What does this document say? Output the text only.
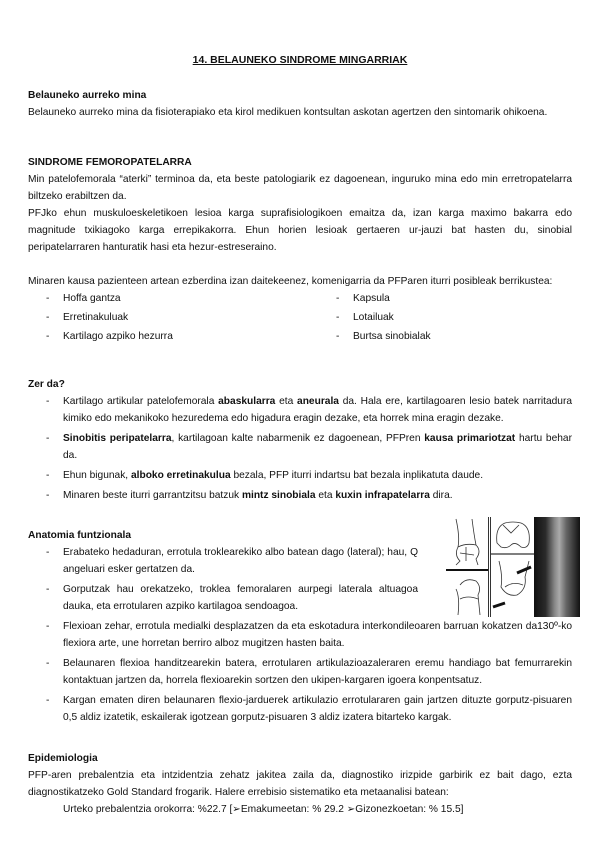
14. BELAUNEKO SINDROME MINGARRIAK
Belauneko aurreko mina

Belauneko aurreko mina da fisioterapiako eta kirol medikuen kontsultan askotan agertzen den sintomarik ohikoena.

SINDROME FEMOROPATELARRA

Min patelofemorala “aterki” terminoa da, eta beste patologiarik ez dagoenean, inguruko mina edo min erretropatelarra biltzeko erabiltzen da.

PFJko ehun muskuloeskeletikoen lesioa karga suprafisiologikoen emaitza da, izan karga maximo bakarra edo magnitude txikiagoko karga errepikakorra. Ehun horien lesioak gertaeren ur-jauzi bat hasten du, sinobial peripatelarraren hanturatik hasi eta hezur-estreseraino.

Minaren kausa pazienteen artean ezberdina izan daitekeenez, komenigarria da PFParen iturri posibleak berrikustea:

- Hoffa gantza
- Erretinakuluak
- Kartilago azpiko hezurra
- Kapsula
- Lotailuak
- Burtsa sinobialak
Zer da?
- Kartilago artikular patelofemorala abaskularra eta aneurala da. Hala ere, kartilagoaren lesio batek narritadura kimiko edo mekanikoko hezuredema edo higadura eragin dezake, eta horrek mina eragin dezake.
- Sinobitis peripatelarra, kartilagoan kalte nabarmenik ez dagoenean, PFPren kausa primariotzat hartu behar da.
- Ehun bigunak, alboko erretinakulua bezala, PFP iturri indartsu bat bezala inplikatuta daude.
- Minaren beste iturri garrantzitsu batzuk mintz sinobiala eta kuxin infrapatelarra dira.
Anatomia funtzionala
- Erabateko hedaduran, errotula troklearekiko albo batean dago (lateral); hau, Q angeluari esker gertatzen da.
- Gorputzak hau orekatzeko, troklea femoralaren aurpegi laterala altuagoa dauka, eta errotularen azpiko kartilagoa sendoagoa.
- Flexioan zehar, errotula medialki desplazatzen da eta eskotadura interkondileoaren barruan kokatzen da130º-ko flexiora arte, une horretan berriro alboz mugitzen hasten baita.
- Belaunaren flexioa handitzearekin batera, errotularen artikulazioazaleraren eremu handiago bat femurrarekin kontaktuan jartzen da, horrela flexioarekin sortzen den ukipen-kargaren igoera konpentsatuz.
- Kargan ematen diren belaunaren flexio-jarduerek artikulazio errotulararen gain jartzen dituzte gorputz-pisuaren 0,5 aldiz izatetik, eskailerak igotzean gorputz-pisuaren 3 aldiz izatera bitarteko kargak.
Epidemiologia

PFP-aren prebalentzia eta intzidentzia zehatz jakitea zaila da, diagnostiko irizpide garbirik ez bait dago, ezta diagnostikatzeko Gold Standard frogarik. Halere errebisio sistematiko eta metaanalisi batean:

Urteko prebalentzia orokorra: %22.7 [➢Emakumeetan: % 29.2 ➢Gizonezkoetan: % 15.5]
